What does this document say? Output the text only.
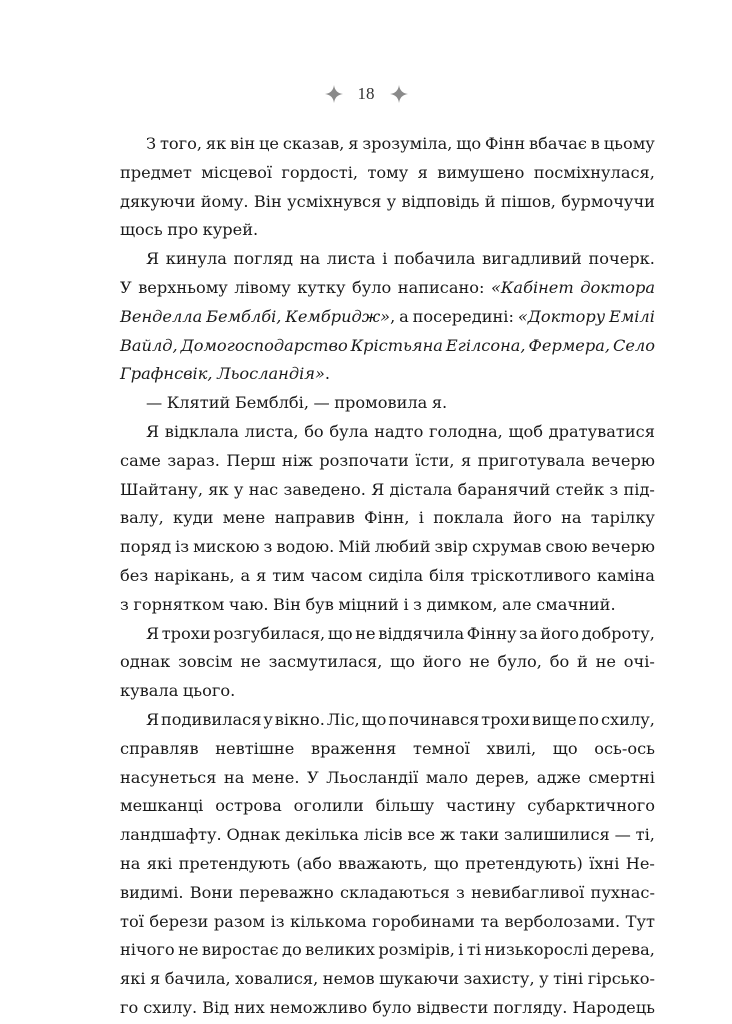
18
З того, як він це сказав, я зрозуміла, що Фінн вбачає в цьому
предмет місцевої гордості, тому я вимушено посміхнулася,
дякуючи йому. Він усміхнувся у відповідь й пішов, бурмочучи
щось про курей.
Я кинула погляд на листа і побачила вигадливий почерк.
У верхньому лівому кутку було написано: «Кабінет доктора
Венделла Бемблбі, Кембридж», а посередині: «Доктору Емілі
Вайлд, Домогосподарство Крістьяна Егілсона, Фермера, Село
Графнсвік, Льосландія».
— Клятий Бемблбі, — промовила я.
Я відклала листа, бо була надто голодна, щоб дратуватися
саме зараз. Перш ніж розпочати їсти, я приготувала вечерю
Шайтану, як у нас заведено. Я дістала баранячий стейк з під-
валу, куди мене направив Фінн, і поклала його на тарілку
поряд із мискою з водою. Мій любий звір схрумав свою вечерю
без нарікань, а я тим часом сиділа біля тріскотливого каміна
з горнятком чаю. Він був міцний і з димком, але смачний.
Я трохи розгубилася, що не віддячила Фінну за його доброту,
однак зовсім не засмутилася, що його не було, бо й не очі-
кувала цього.
Я подивилася у вікно. Ліс, що починався трохи вище по схилу,
справляв невтішне враження темної хвилі, що ось-ось
насунеться на мене. У Льосландії мало дерев, адже смертні
мешканці острова оголили більшу частину субарктичного
ландшафту. Однак декілька лісів все ж таки залишилися — ті,
на які претендують (або вважають, що претендують) їхні Не-
видимі. Вони переважно складаються з невибагливої пухнас-
тої берези разом із кількома горобинами та верболозами. Тут
нічого не виростає до великих розмірів, і ті низькорослі дерева,
які я бачила, ховалися, немов шукаючи захисту, у тіні гірсько-
го схилу. Від них неможливо було відвести погляду. Народець
